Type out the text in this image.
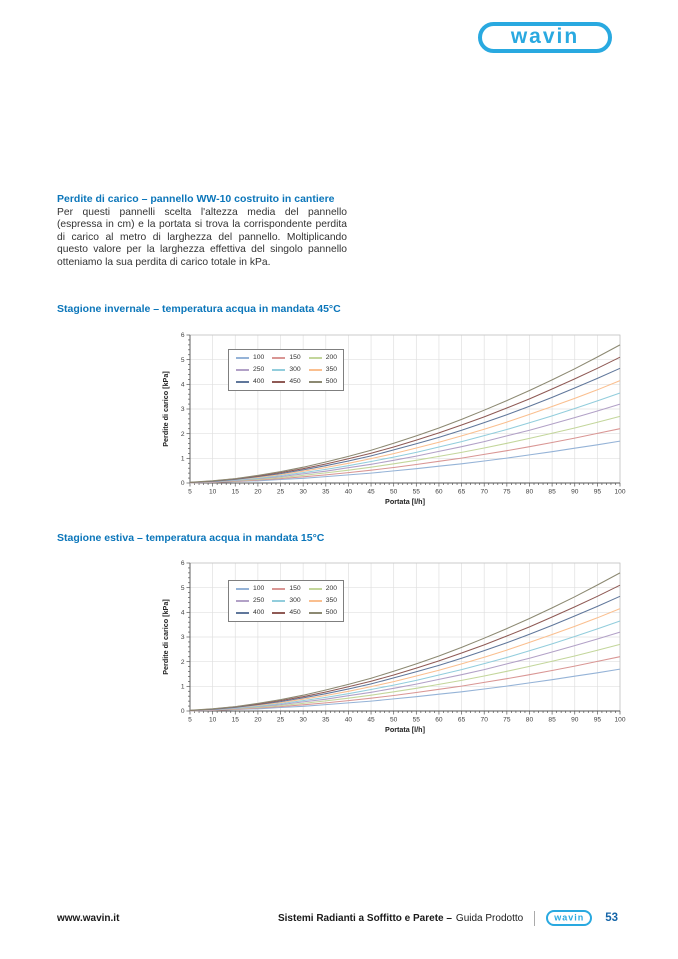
wavin
Perdite di carico – pannello WW-10 costruito in cantiere

Per questi pannelli scelta l'altezza media del pannello (espressa in cm) e la portata si trova la corrispondente perdita di carico al metro di larghezza del pannello. Moltiplicando questo valore per la larghezza effettiva del singolo pannello otteniamo la sua perdita di carico totale in kPa.

Stagione invernale – temperatura acqua in mandata 45°C
5	10 15 20 25 30 35 40 45 50 55 60 65 70 75 80 85 90 95 100
0
1
2
3
4
5
6
Portata [l/h]
Perdite di carico [kPa]
100	150	200
250	300	350
400	450	500
Stagione estiva – temperatura acqua in mandata 15°C
5	10 15 20 25 30 35 40 45 50 55 60 65 70 75 80 85 90 95 100
0
1
2
3
4
5
6
Portata [l/h]
Perdite di carico [kPa]
100	150	200
250	300	350
400	450	500
www.wavin.it	Sistemi Radianti a Soffitto e Parete – Guida Prodotto	wavin 53
